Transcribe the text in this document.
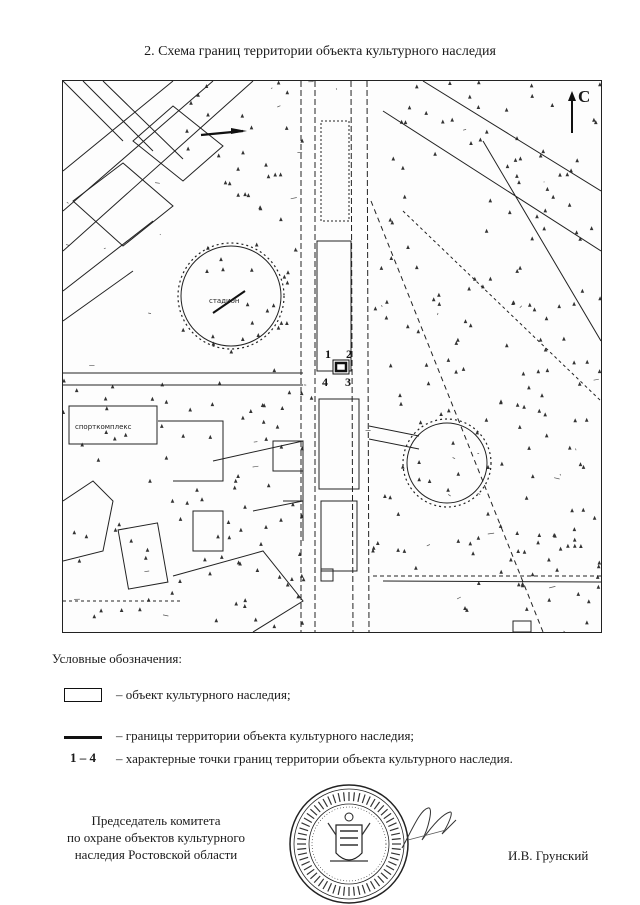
2. Схема границ территории объекта культурного наследия
стадион
спорткомплекс
1 2
3
4
С
Условные обозначения:
– объект культурного наследия;
– границы территории объекта культурного наследия;
1 – 4 – характерные точки границ территории объекта культурного наследия.
Председатель комитета
по охране объектов культурного
наследия Ростовской области	И.В. Грунский
